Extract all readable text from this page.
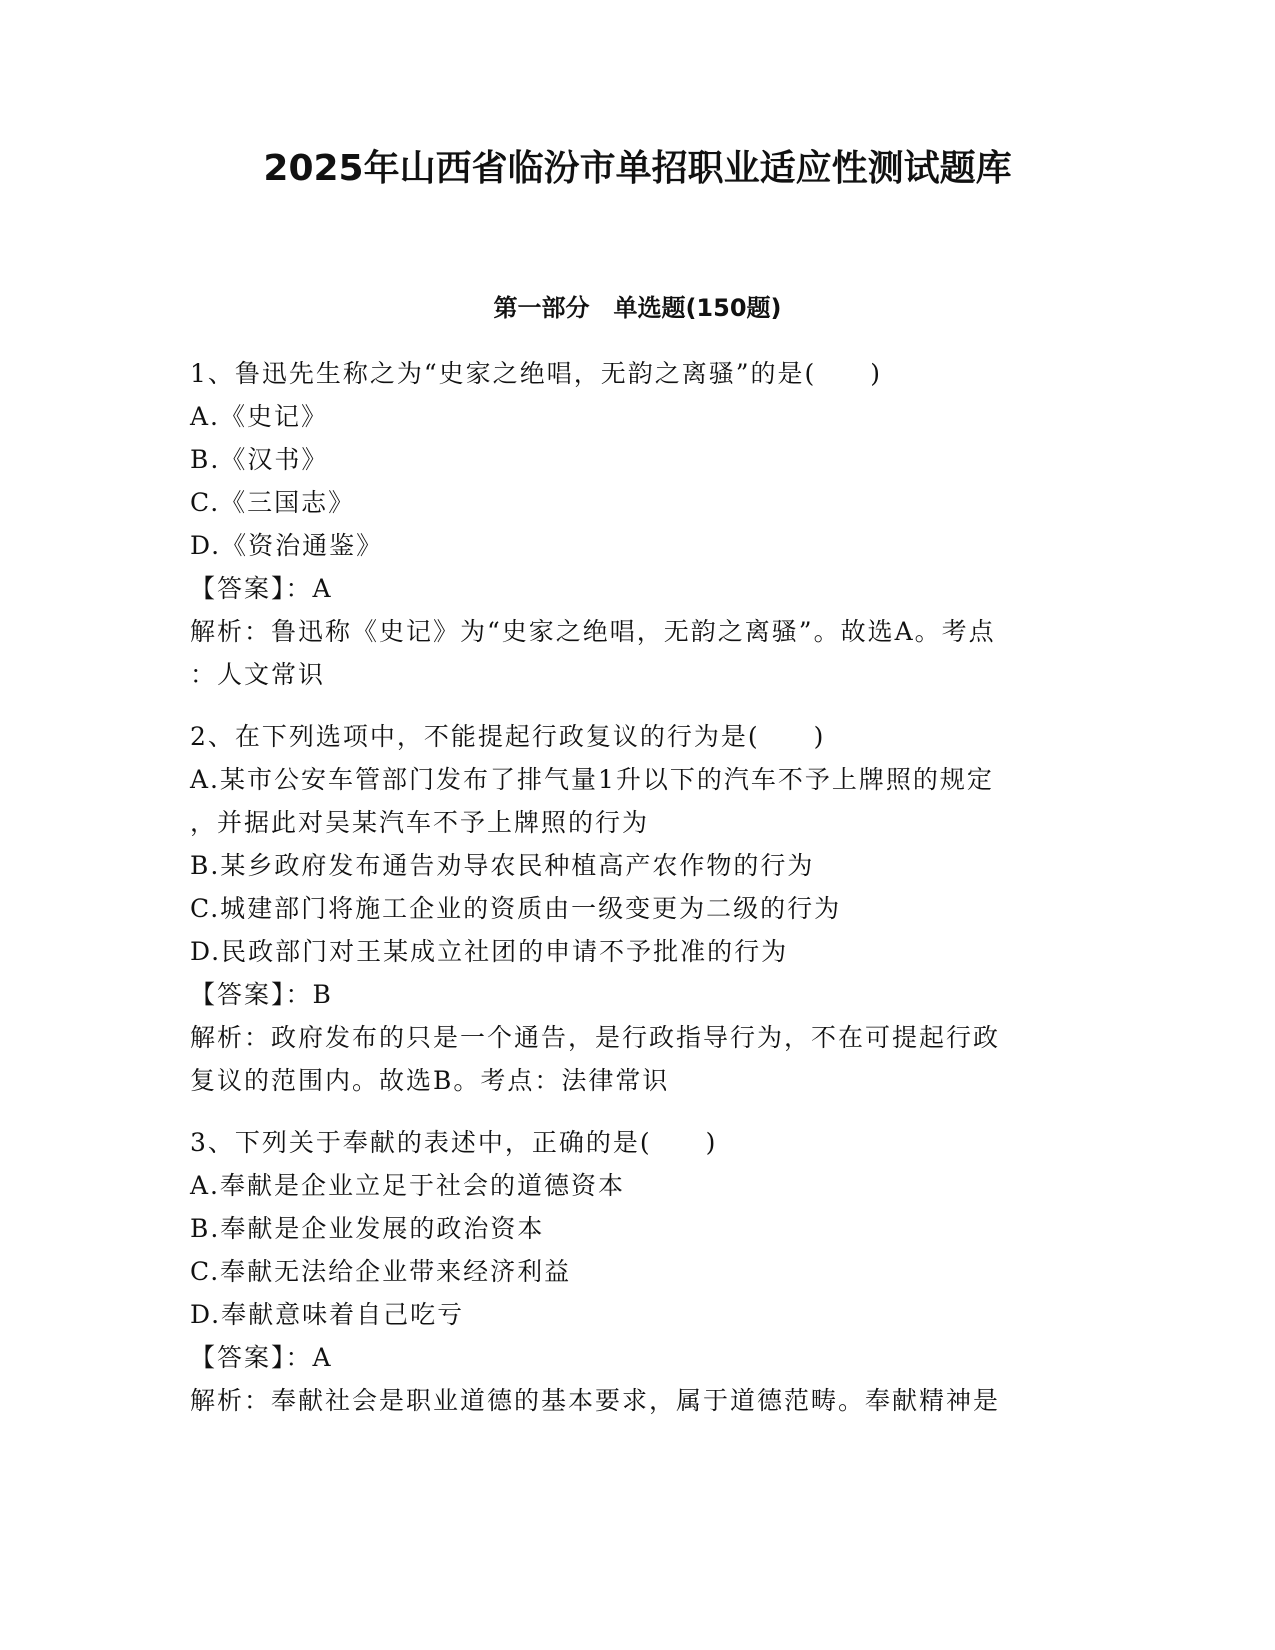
2025年山西省临汾市单招职业适应性测试题库
第一部分　单选题(150题)
1、鲁迅先生称之为“史家之绝唱，无韵之离骚”的是(　　)
A.《史记》
B.《汉书》
C.《三国志》
D.《资治通鉴》
【答案】：A
解析：鲁迅称《史记》为“史家之绝唱，无韵之离骚”。故选A。考点
：人文常识
2、在下列选项中，不能提起行政复议的行为是(　　)
A.某市公安车管部门发布了排气量1升以下的汽车不予上牌照的规定
，并据此对吴某汽车不予上牌照的行为
B.某乡政府发布通告劝导农民种植高产农作物的行为
C.城建部门将施工企业的资质由一级变更为二级的行为
D.民政部门对王某成立社团的申请不予批准的行为
【答案】：B
解析：政府发布的只是一个通告，是行政指导行为，不在可提起行政
复议的范围内。故选B。考点：法律常识
3、下列关于奉献的表述中，正确的是(　　)
A.奉献是企业立足于社会的道德资本
B.奉献是企业发展的政治资本
C.奉献无法给企业带来经济利益
D.奉献意味着自己吃亏
【答案】：A
解析：奉献社会是职业道德的基本要求，属于道德范畴。奉献精神是
